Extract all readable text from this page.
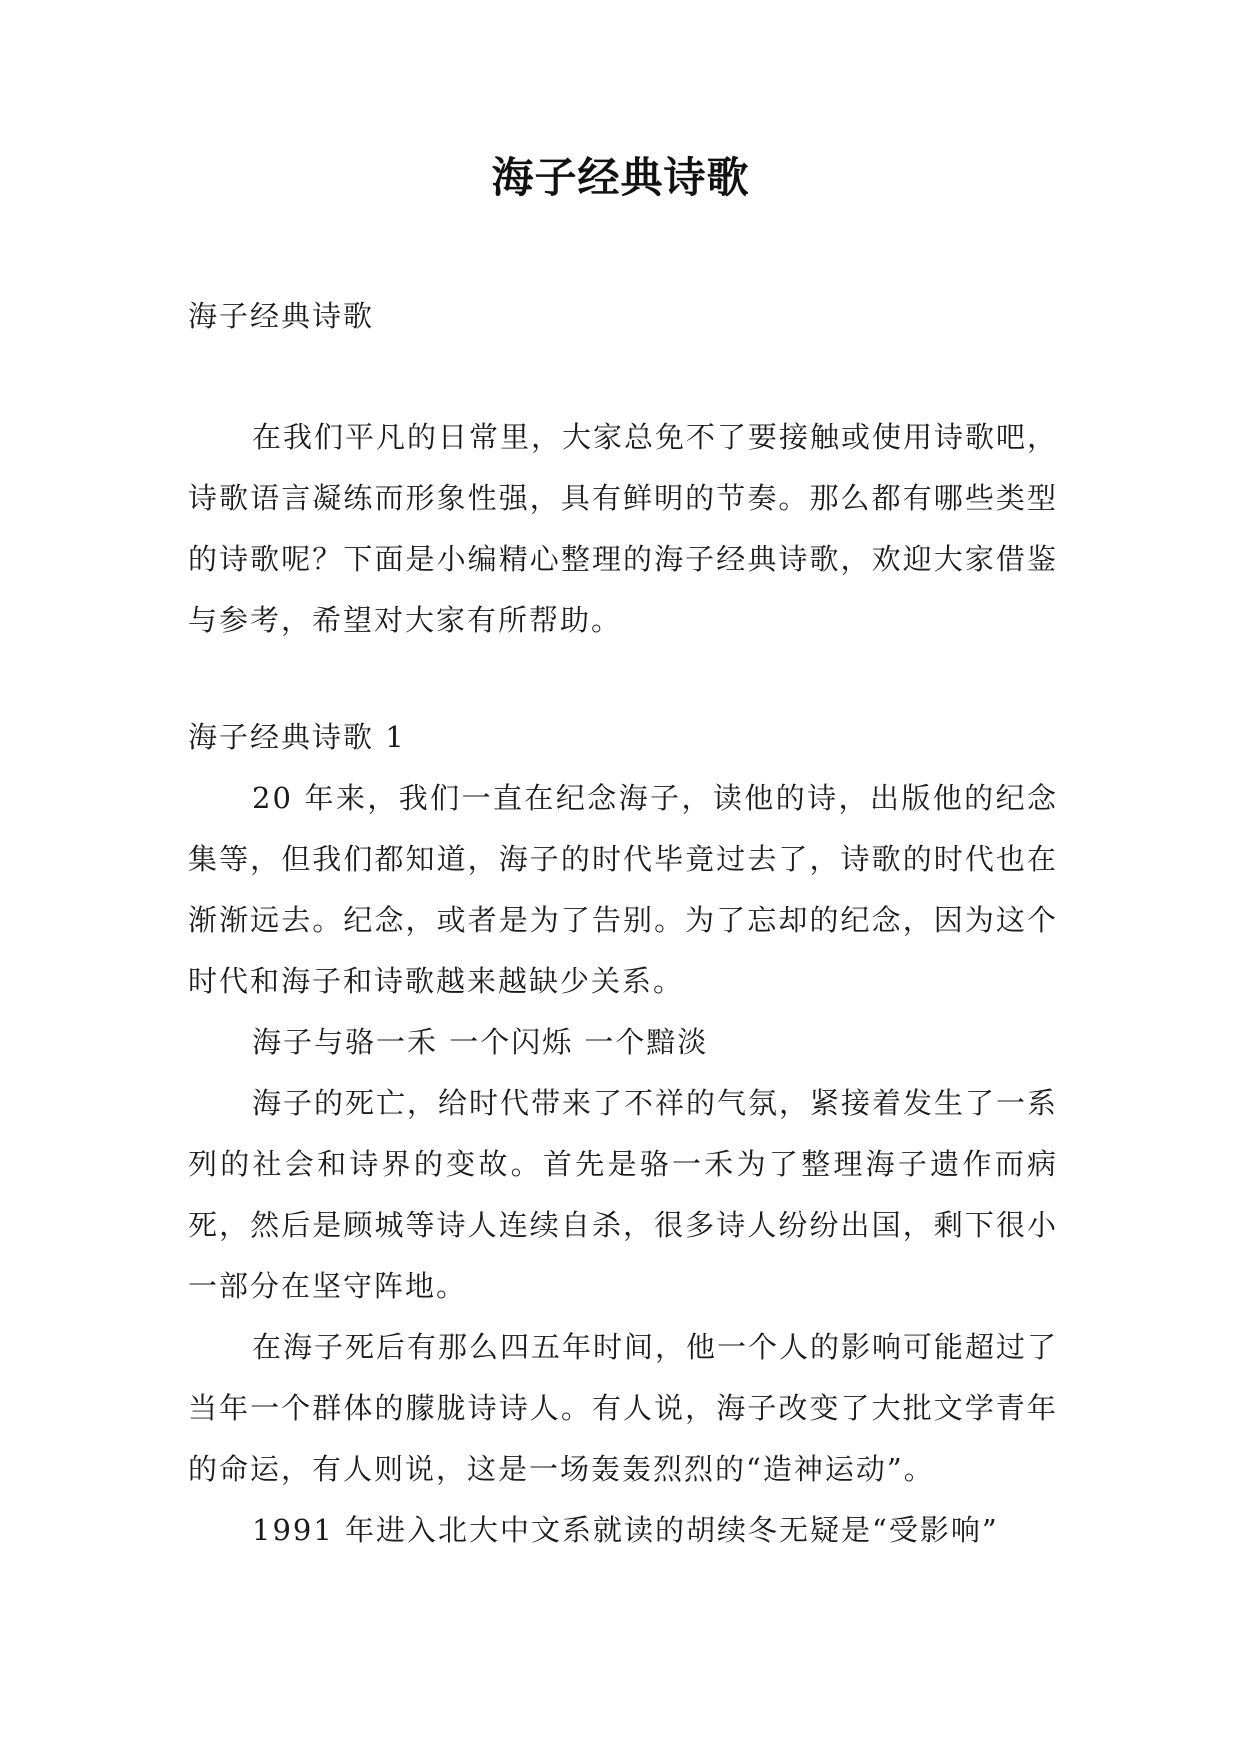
海子经典诗歌

海子经典诗歌

在我们平凡的日常里，大家总免不了要接触或使用诗歌吧，诗歌语言凝练而形象性强，具有鲜明的节奏。那么都有哪些类型的诗歌呢？下面是小编精心整理的海子经典诗歌，欢迎大家借鉴与参考，希望对大家有所帮助。

海子经典诗歌 1

20 年来，我们一直在纪念海子，读他的诗，出版他的纪念集等，但我们都知道，海子的时代毕竟过去了，诗歌的时代也在渐渐远去。纪念，或者是为了告别。为了忘却的纪念，因为这个时代和海子和诗歌越来越缺少关系。

海子与骆一禾 一个闪烁 一个黯淡

海子的死亡，给时代带来了不祥的气氛，紧接着发生了一系列的社会和诗界的变故。首先是骆一禾为了整理海子遗作而病死，然后是顾城等诗人连续自杀，很多诗人纷纷出国，剩下很小一部分在坚守阵地。

在海子死后有那么四五年时间，他一个人的影响可能超过了当年一个群体的朦胧诗诗人。有人说，海子改变了大批文学青年的命运，有人则说，这是一场轰轰烈烈的“造神运动”。

1991 年进入北大中文系就读的胡续冬无疑是“受影响”
